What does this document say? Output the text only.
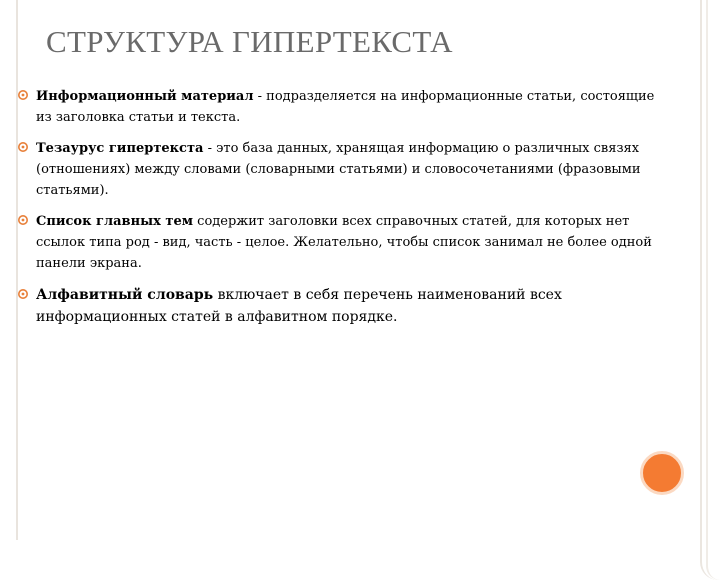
СТРУКТУРА ГИПЕРТЕКСТА
Информационный материал - подразделяется на информационные статьи, состоящие из заголовка статьи и текста.
Тезаурус гипертекста - это база данных, хранящая информацию о различных связях (отношениях) между словами (словарными статьями) и словосочетаниями (фразовыми статьями).
Список главных тем содержит заголовки всех справочных статей, для которых нет ссылок типа род - вид, часть - целое. Желательно, чтобы список занимал не более одной панели экрана.
Алфавитный словарь включает в себя перечень наименований всех информационных статей в алфавитном порядке.
